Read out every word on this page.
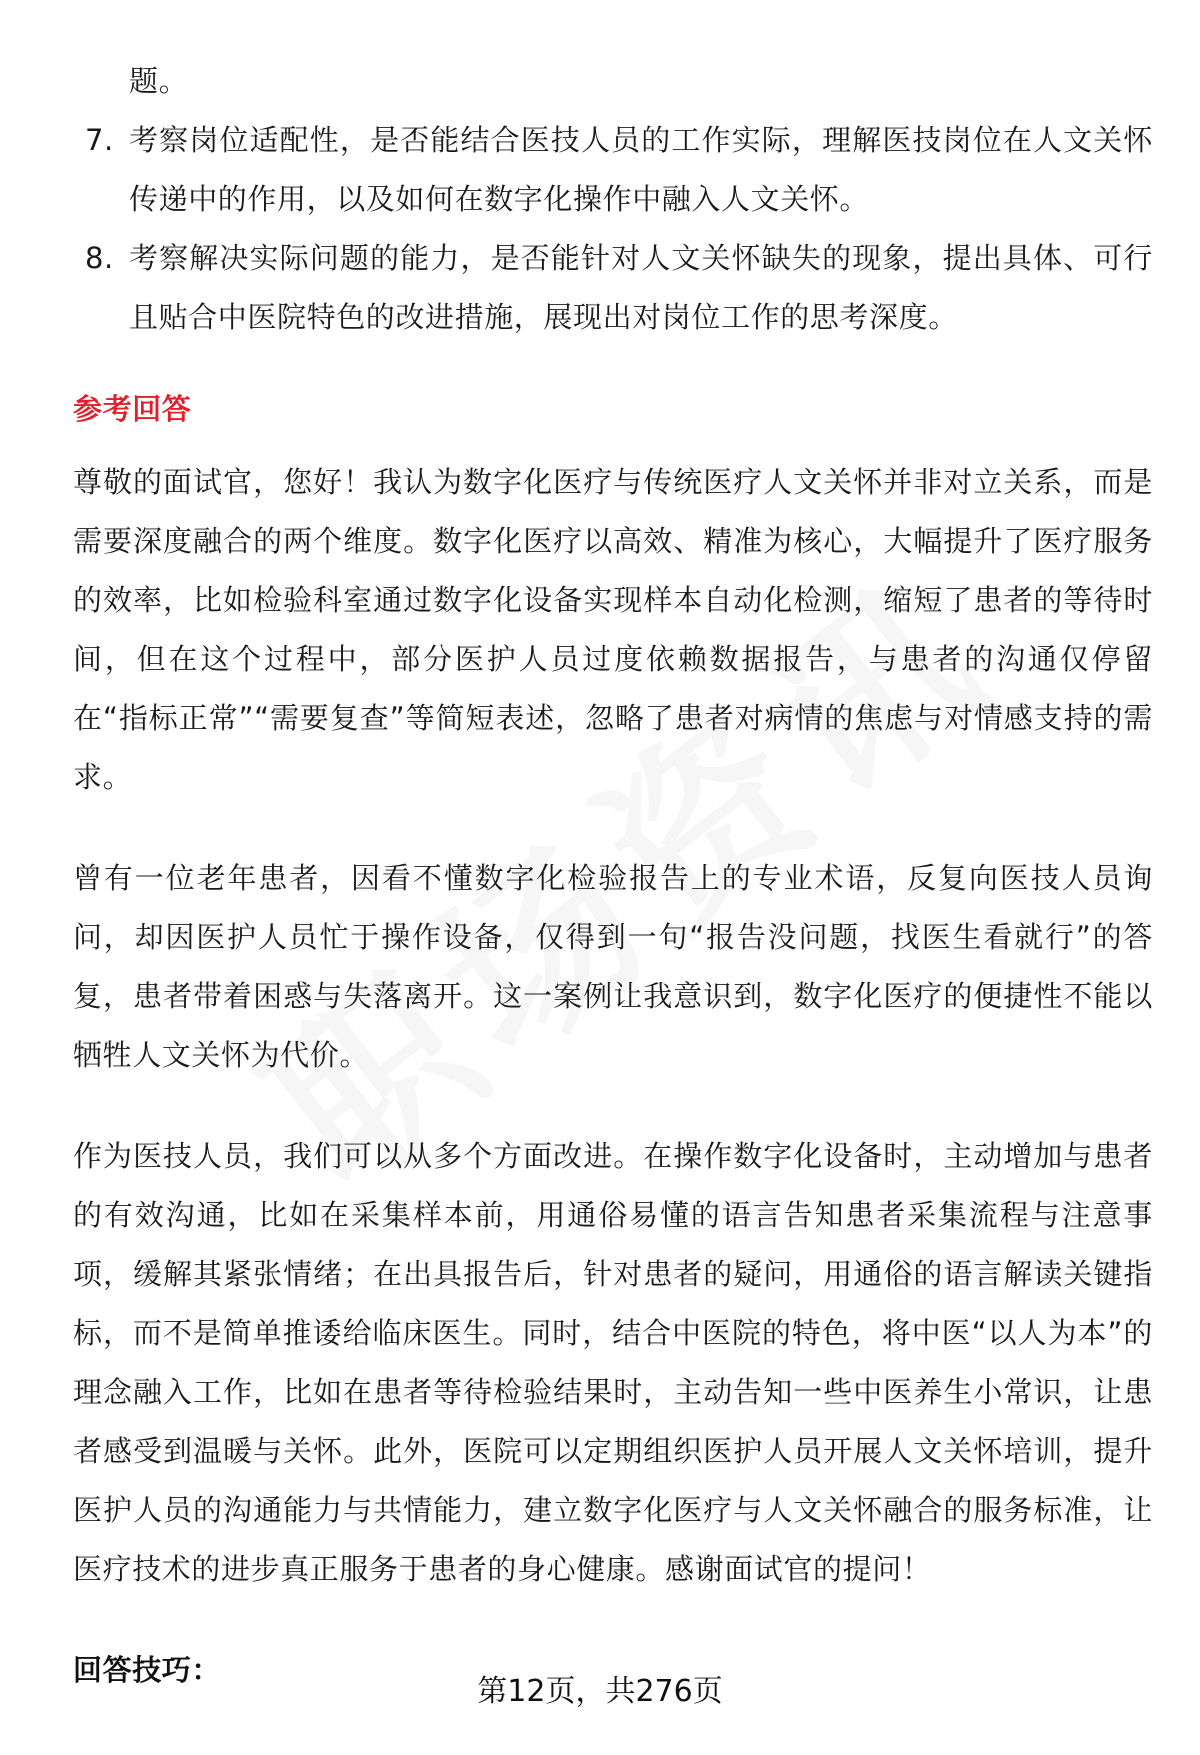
题。
7. 考察岗位适配性，是否能结合医技人员的工作实际，理解医技岗位在人文关怀传递中的作用，以及如何在数字化操作中融入人文关怀。
8. 考察解决实际问题的能力，是否能针对人文关怀缺失的现象，提出具体、可行且贴合中医院特色的改进措施，展现出对岗位工作的思考深度。
参考回答
尊敬的面试官，您好！我认为数字化医疗与传统医疗人文关怀并非对立关系，而是需要深度融合的两个维度。数字化医疗以高效、精准为核心，大幅提升了医疗服务的效率，比如检验科室通过数字化设备实现样本自动化检测，缩短了患者的等待时间，但在这个过程中，部分医护人员过度依赖数据报告，与患者的沟通仅停留在“指标正常”“需要复查”等简短表述，忽略了患者对病情的焦虑与对情感支持的需求。
曾有一位老年患者，因看不懂数字化检验报告上的专业术语，反复向医技人员询问，却因医护人员忙于操作设备，仅得到一句“报告没问题，找医生看就行”的答复，患者带着困惑与失落离开。这一案例让我意识到，数字化医疗的便捷性不能以牺牲人文关怀为代价。
作为医技人员，我们可以从多个方面改进。在操作数字化设备时，主动增加与患者的有效沟通，比如在采集样本前，用通俗易懂的语言告知患者采集流程与注意事项，缓解其紧张情绪；在出具报告后，针对患者的疑问，用通俗的语言解读关键指标，而不是简单推诿给临床医生。同时，结合中医院的特色，将中医“以人为本”的理念融入工作，比如在患者等待检验结果时，主动告知一些中医养生小常识，让患者感受到温暖与关怀。此外，医院可以定期组织医护人员开展人文关怀培训，提升医护人员的沟通能力与共情能力，建立数字化医疗与人文关怀融合的服务标准，让医疗技术的进步真正服务于患者的身心健康。感谢面试官的提问！
回答技巧：
第12页，共276页
